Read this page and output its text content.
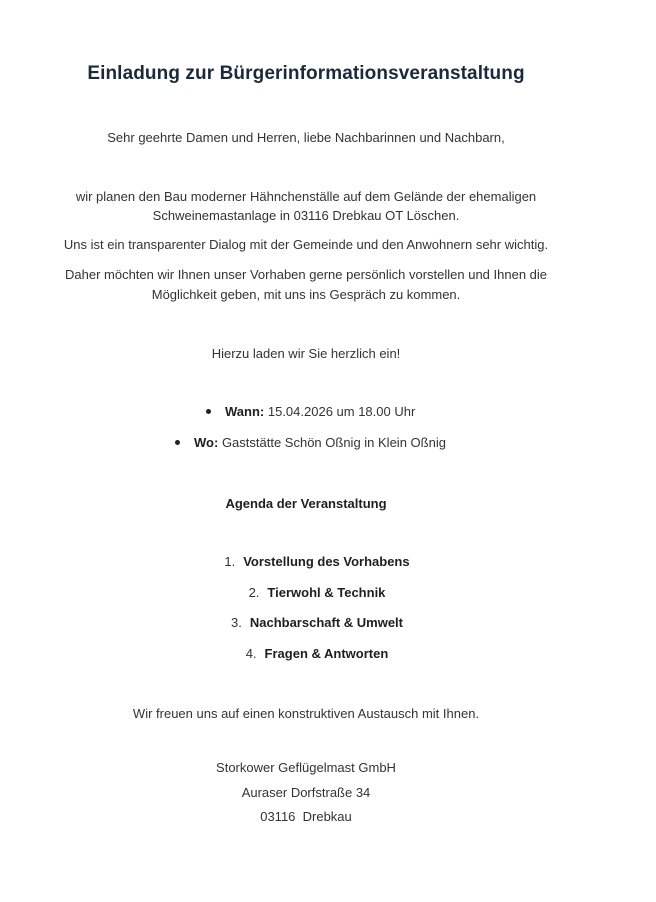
Einladung zur Bürgerinformationsveranstaltung
Sehr geehrte Damen und Herren, liebe Nachbarinnen und Nachbarn,
wir planen den Bau moderner Hähnchenställe auf dem Gelände der ehemaligen
Schweinemastanlage in 03116 Drebkau OT Löschen.
Uns ist ein transparenter Dialog mit der Gemeinde und den Anwohnern sehr wichtig.
Daher möchten wir Ihnen unser Vorhaben gerne persönlich vorstellen und Ihnen die
Möglichkeit geben, mit uns ins Gespräch zu kommen.
Hierzu laden wir Sie herzlich ein!
Wann: 15.04.2026 um 18.00 Uhr
Wo: Gaststätte Schön Oßnig in Klein Oßnig
Agenda der Veranstaltung
1. Vorstellung des Vorhabens
2. Tierwohl & Technik
3. Nachbarschaft & Umwelt
4. Fragen & Antworten
Wir freuen uns auf einen konstruktiven Austausch mit Ihnen.
Storkower Geflügelmast GmbH
Auraser Dorfstraße 34
03116  Drebkau
